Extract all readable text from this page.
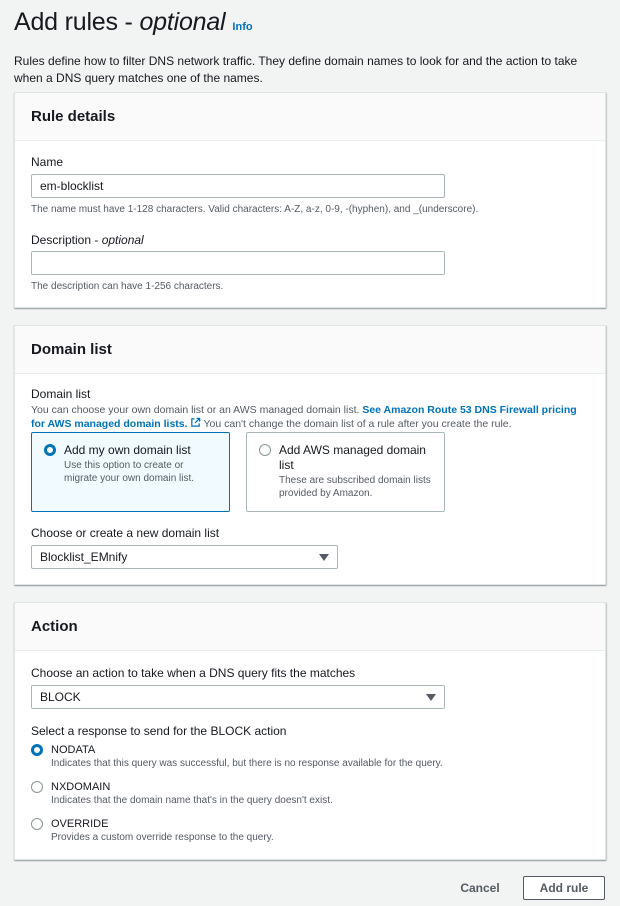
Add rules - optional Info

Rules define how to filter DNS network traffic. They define domain names to look for and the action to take when a DNS query matches one of the names.

Rule details
Name
em-blocklist
The name must have 1-128 characters. Valid characters: A-Z, a-z, 0-9, -(hyphen), and _(underscore).
Description - optional
The description can have 1-256 characters.
Domain list
Domain list
You can choose your own domain list or an AWS managed domain list. See Amazon Route 53 DNS Firewall pricing for AWS managed domain lists. You can't change the domain list of a rule after you create the rule.
Add my own domain list
Use this option to create or migrate your own domain list.
Add AWS managed domain list
These are subscribed domain lists provided by Amazon.
Choose or create a new domain list
Blocklist_EMnify
Action
Choose an action to take when a DNS query fits the matches
BLOCK
Select a response to send for the BLOCK action
NODATA
Indicates that this query was successful, but there is no response available for the query.
NXDOMAIN
Indicates that the domain name that's in the query doesn't exist.
OVERRIDE
Provides a custom override response to the query.
Cancel	Add rule
